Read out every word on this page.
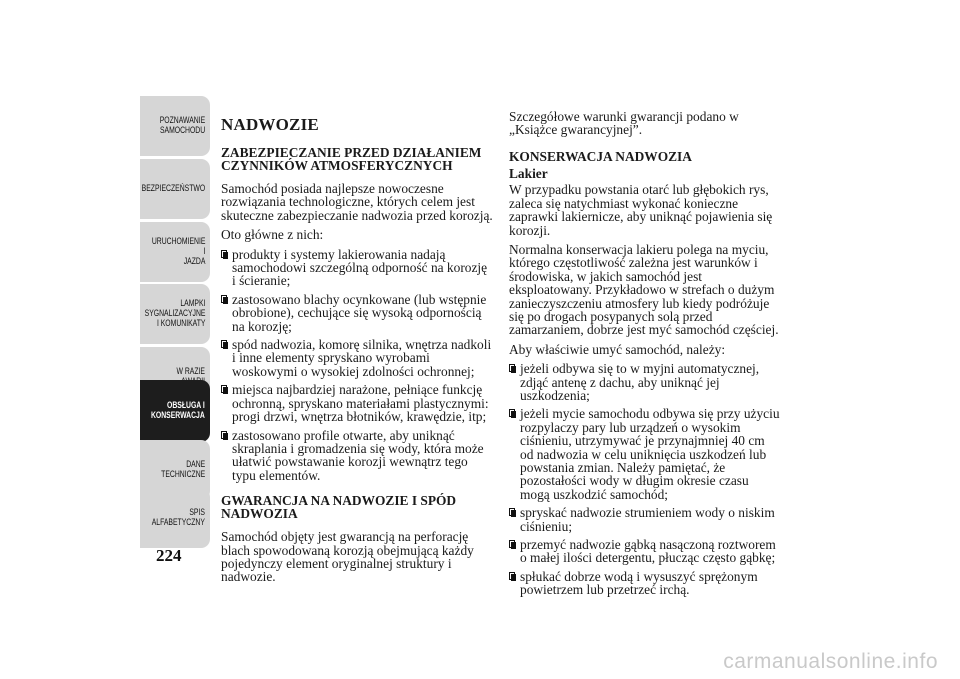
POZNAWANIE
SAMOCHODU
BEZPIECZEŃSTWO
URUCHOMIENIE I
JAZDA
LAMPKI
SYGNALIZACYJNE
I KOMUNIKATY
W RAZIE
OBSŁUGA I
KONSERWACJA
DANE
TECHNICZNE
SPIS
ALFABETYCZNY
224
NADWOZIE
ZABEZPIECZANIE PRZED DZIAŁANIEM CZYNNIKÓW ATMOSFERYCZNYCH

Samochód posiada najlepsze nowoczesne rozwiązania technologiczne, których celem jest skuteczne zabezpieczanie nadwozia przed korozją.

Oto główne z nich:

produkty i systemy lakierowania nadają samochodowi szczególną odporność na korozję i ścieranie;
zastosowano blachy ocynkowane (lub wstępnie obrobione), cechujące się wysoką odpornością na korozję;
spód nadwozia, komorę silnika, wnętrza nadkoli i inne elementy spryskano wyrobami woskowymi o wysokiej zdolności ochronnej;
miejsca najbardziej narażone, pełniące funkcję ochronną, spryskano materiałami plastycznymi: progi drzwi, wnętrza błotników, krawędzie, itp;
zastosowano profile otwarte, aby uniknąć skraplania i gromadzenia się wody, która może ułatwić powstawanie korozji wewnątrz tego typu elementów.
GWARANCJA NA NADWOZIE I SPÓD NADWOZIA

Samochód objęty jest gwarancją na perforację blach spowodowaną korozją obejmującą każdy pojedynczy element oryginalnej struktury i nadwozie.

Szczegółowe warunki gwarancji podano w „Książce gwarancyjnej”.

KONSERWACJA NADWOZIA
Lakier

W przypadku powstania otarć lub głębokich rys, zaleca się natychmiast wykonać konieczne zaprawki lakiernicze, aby uniknąć pojawienia się korozji.

Normalna konserwacja lakieru polega na myciu, którego częstotliwość zależna jest warunków i środowiska, w jakich samochód jest eksploatowany. Przykładowo w strefach o dużym zanieczyszczeniu atmosfery lub kiedy podróżuje się po drogach posypanych solą przed zamarzaniem, dobrze jest myć samochód częściej.

Aby właściwie umyć samochód, należy:

jeżeli odbywa się to w myjni automatycznej, zdjąć antenę z dachu, aby uniknąć jej uszkodzenia;
jeżeli mycie samochodu odbywa się przy użyciu rozpylaczy pary lub urządzeń o wysokim ciśnieniu, utrzymywać je przynajmniej 40 cm od nadwozia w celu uniknięcia uszkodzeń lub powstania zmian. Należy pamiętać, że pozostałości wody w długim okresie czasu mogą uszkodzić samochód;
spryskać nadwozie strumieniem wody o niskim ciśnieniu;
przemyć nadwozie gąbką nasączoną roztworem o małej ilości detergentu, płucząc często gąbkę;
spłukać dobrze wodą i wysuszyć sprężonym powietrzem lub przetrzeć irchą.
carmanualsonline.info
